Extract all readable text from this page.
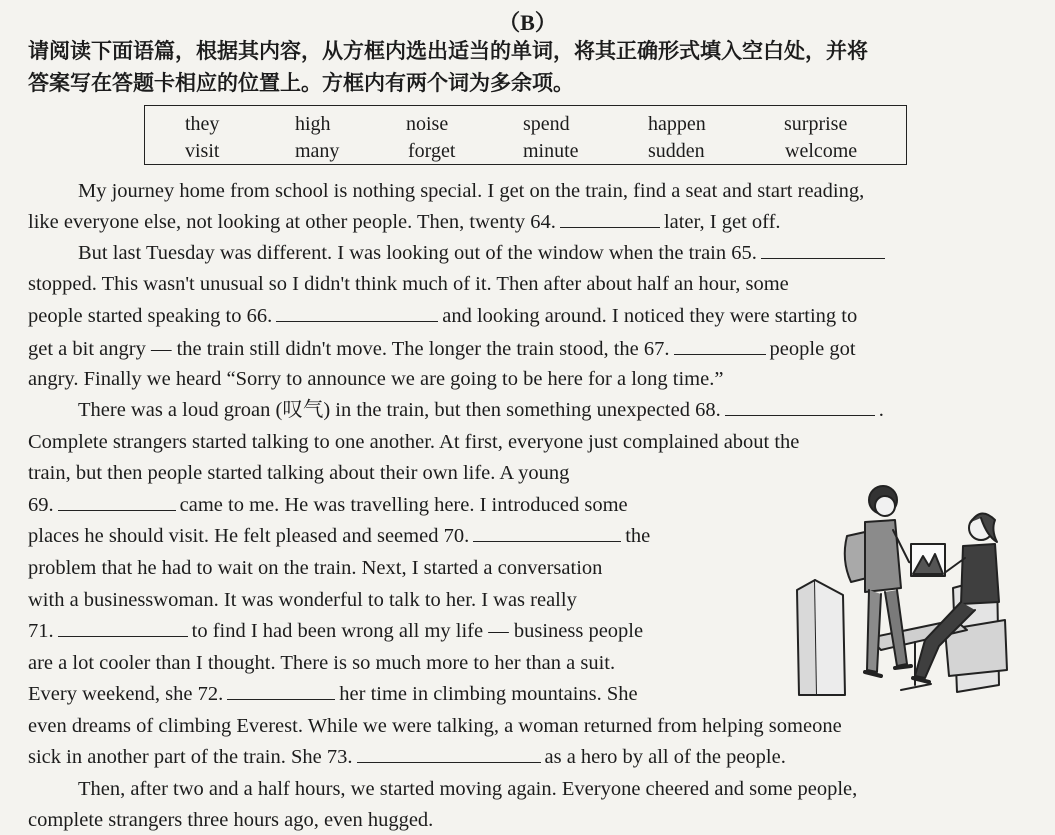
（B）
请阅读下面语篇，根据其内容，从方框内选出适当的单词，将其正确形式填入空白处，并将
答案写在答题卡相应的位置上。方框内有两个词为多余项。
they	high	noise	spend	happen	surprise
visit	many	forget	minute	sudden	welcome
My journey home from school is nothing special. I get on the train, find a seat and start reading,
like everyone else, not looking at other people. Then, twenty 64.	later, I get off.
But last Tuesday was different. I was looking out of the window when the train 65.
stopped. This wasn't unusual so I didn't think much of it. Then after about half an hour, some
people started speaking to 66.	and looking around. I noticed they were starting to
get a bit angry — the train still didn't move. The longer the train stood, the 67.	people got
angry. Finally we heard “Sorry to announce we are going to be here for a long time.”
There was a loud groan (叹气) in the train, but then something unexpected 68.	.
Complete strangers started talking to one another. At first, everyone just complained about the
train, but then people started talking about their own life. A young
69.	came to me. He was travelling here. I introduced some
places he should visit. He felt pleased and seemed 70.	the
problem that he had to wait on the train. Next, I started a conversation
with a businesswoman. It was wonderful to talk to her. I was really
71.	to find I had been wrong all my life — business people
are a lot cooler than I thought. There is so much more to her than a suit.
Every weekend, she 72.	her time in climbing mountains. She
even dreams of climbing Everest. While we were talking, a woman returned from helping someone
sick in another part of the train. She 73.	as a hero by all of the people.
Then, after two and a half hours, we started moving again. Everyone cheered and some people,
complete strangers three hours ago, even hugged.
